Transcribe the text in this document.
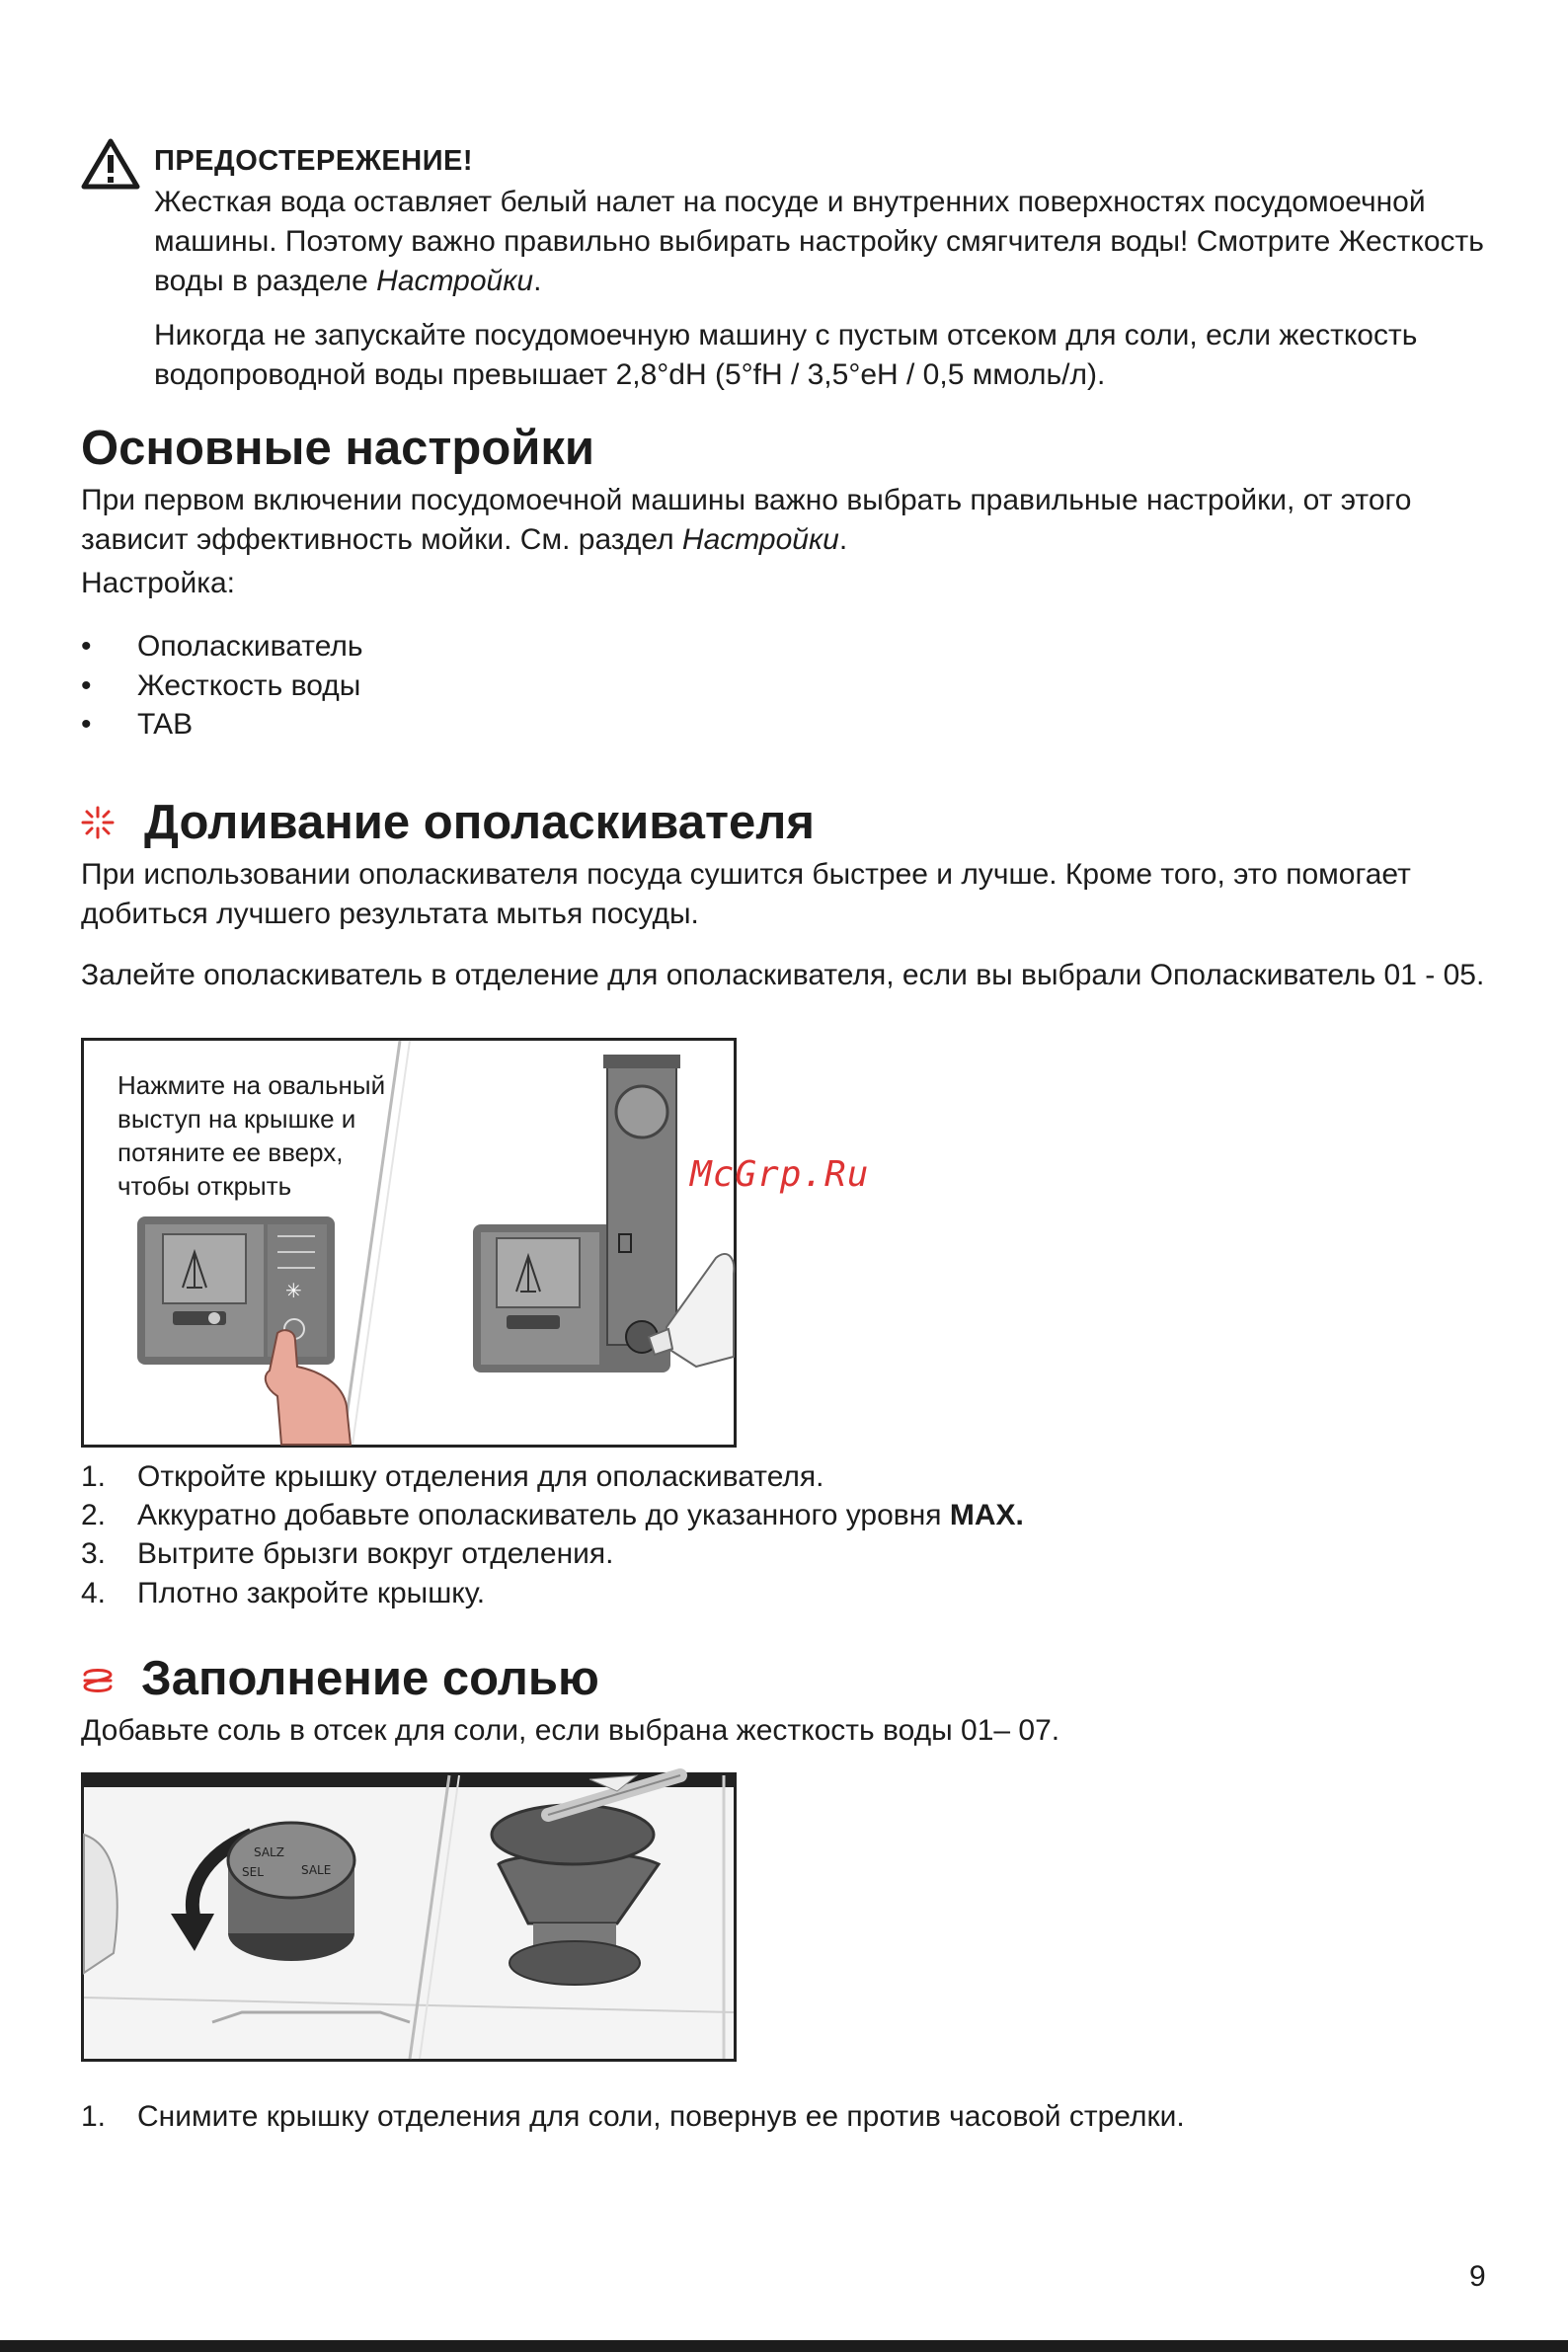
ПРЕДОСТЕРЕЖЕНИЕ!
Жесткая вода оставляет белый налет на посуде и внутренних поверхностях посудомоечной машины. Поэтому важно правильно выбирать настройку смягчителя воды! Смотрите Жесткость воды в разделе Настройки.
Никогда не запускайте посудомоечную машину с пустым отсеком для соли, если жесткость водопроводной воды превышает 2,8°dH (5°fH / 3,5°eH / 0,5 ммоль/л).
Основные настройки
При первом включении посудомоечной машины важно выбрать правильные настройки, от этого зависит эффективность мойки. См. раздел Настройки.
Настройка:
• Ополаскиватель
• Жесткость воды
• TAB
Доливание ополаскивателя
При использовании ополаскивателя посуда сушится быстрее и лучше. Кроме того, это помогает добиться лучшего результата мытья посуды.
Залейте ополаскиватель в отделение для ополаскивателя, если вы выбрали Ополаскиватель 01 - 05.
Нажмите на овальный
выступ на крышке и
потяните ее вверх,
чтобы открыть
✳
McGrp.Ru
1. Откройте крышку отделения для ополаскивателя.
2. Аккуратно добавьте ополаскиватель до указанного уровня MAX.
3. Вытрите брызги вокруг отделения.
4. Плотно закройте крышку.
Заполнение солью
Добавьте соль в отсек для соли, если выбрана жесткость воды 01– 07.
SALZ
SALE
SEL
1. Снимите крышку отделения для соли, повернув ее против часовой стрелки.
9
